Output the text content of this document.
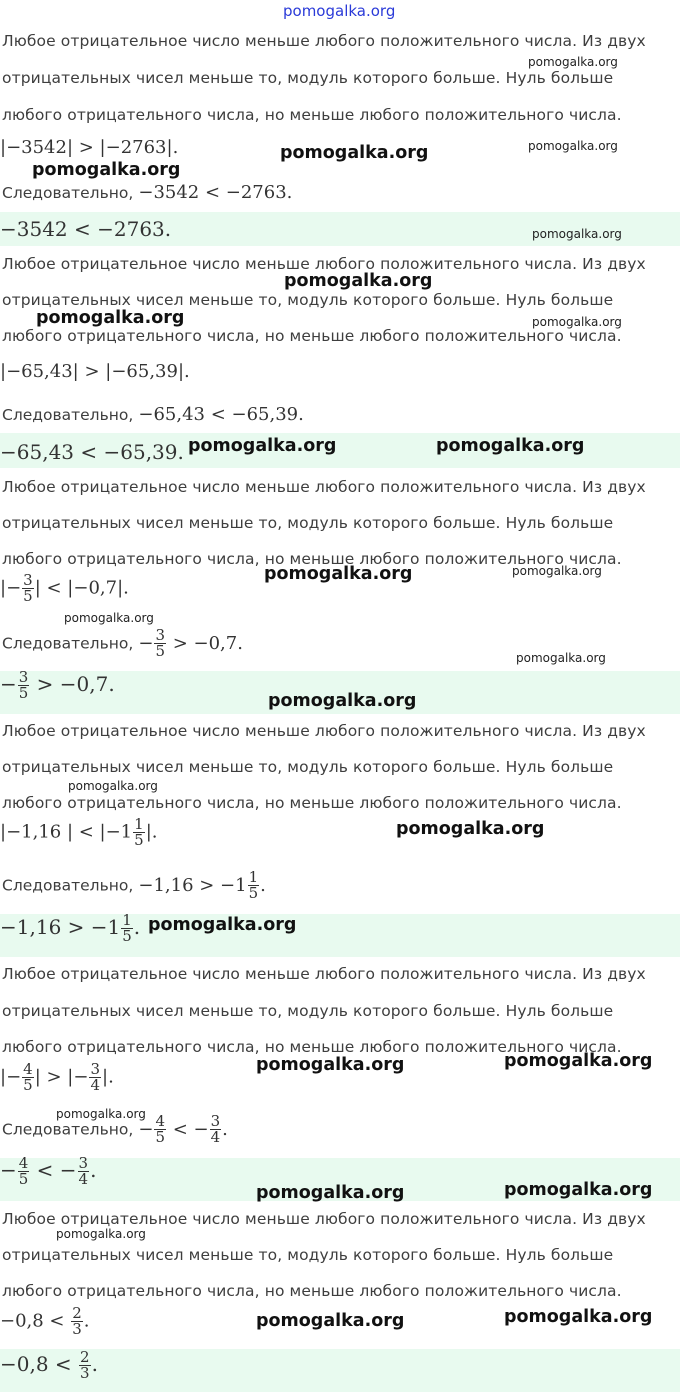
pomogalka.org
Любое отрицательное число меньше любого положительного числа. Из двух
отрицательных чисел меньше то, модуль которого больше. Нуль больше
любого отрицательного числа, но меньше любого положительного числа.
|−3542| > |−2763|.
Следовательно, −3542 < −2763.
−3542 < −2763.
Любое отрицательное число меньше любого положительного числа. Из двух
отрицательных чисел меньше то, модуль которого больше. Нуль больше
любого отрицательного числа, но меньше любого положительного числа.
|−65,43| > |−65,39|.
Следовательно, −65,43 < −65,39.
−65,43 < −65,39.
Любое отрицательное число меньше любого положительного числа. Из двух
отрицательных чисел меньше то, модуль которого больше. Нуль больше
любого отрицательного числа, но меньше любого положительного числа.
|− $\frac{3}{5}$ | < |−0,7|.
Следовательно, − $\frac{3}{5} > -0,7$.
− $\frac{3}{5} > -0,7$.
Любое отрицательное число меньше любого положительного числа. Из двух
отрицательных чисел меньше то, модуль которого больше. Нуль больше
любого отрицательного числа, но меньше любого положительного числа.
|−1,16 | < $|-1 \frac{1}{5}$ |.
Следовательно, $-1,16 > -1 \frac{1}{5}$ .
$-1,16 > -1 \frac{1}{5}$ .
Любое отрицательное число меньше любого положительного числа. Из двух
отрицательных чисел меньше то, модуль которого больше. Нуль больше
любого отрицательного числа, но меньше любого положительного числа.
|− $\frac{4}{5}$ | > |− $\frac{3}{4}$ |.
Следовательно, − $\frac{4}{5}$ < − $\frac{3}{4}$ .
− $\frac{4}{5}$ < − $\frac{3}{4}$ .
Любое отрицательное число меньше любого положительного числа. Из двух
отрицательных чисел меньше то, модуль которого больше. Нуль больше
любого отрицательного числа, но меньше любого положительного числа.
$-0,8 < \frac{2}{3}$ .
$-0,8 < \frac{2}{3}$ .
pomogalka.org
pomogalka.org	pomogalka.org
pomogalka.org
pomogalka.org
pomogalka.org
pomogalka.org	pomogalka.org
pomogalka.org	pomogalka.org
pomogalka.org	pomogalka.org
pomogalka.org
pomogalka.org
pomogalka.org
pomogalka.org
pomogalka.org
pomogalka.org
pomogalka.org
pomogalka.org
pomogalka.org
pomogalka.org
pomogalka.org
pomogalka.org
pomogalka.org
pomogalka.org
